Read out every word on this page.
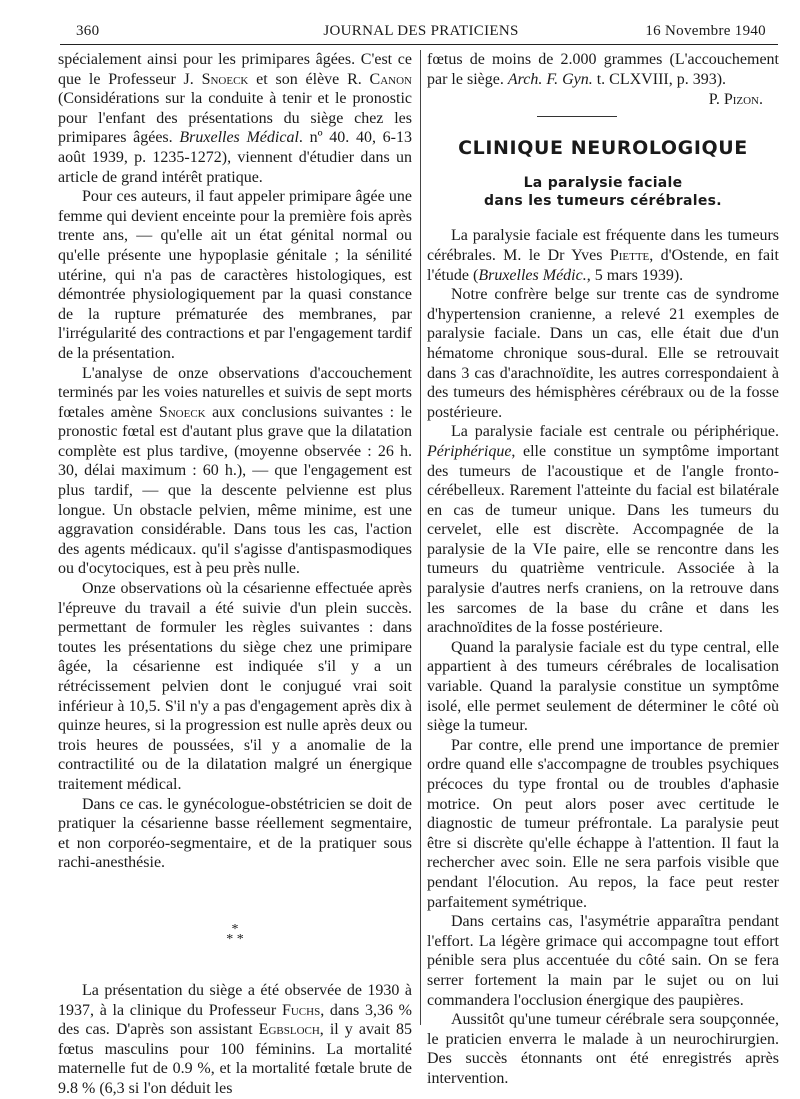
360	JOURNAL DES PRATICIENS	16 Novembre 1940

spécialement ainsi pour les primipares âgées. C'est ce que le Professeur J. Snoeck et son élève R. Canon (Considérations sur la conduite à tenir et le pronostic pour l'enfant des présentations du siège chez les primipares âgées. Bruxelles Médical. nº 40. 40, 6-13 août 1939, p. 1235-1272), viennent d'étudier dans un article de grand intérêt pratique.

Pour ces auteurs, il faut appeler primipare âgée une femme qui devient enceinte pour la première fois après trente ans, — qu'elle ait un état génital normal ou qu'elle présente une hypoplasie génitale ; la sénilité utérine, qui n'a pas de caractères histologiques, est démontrée physiologiquement par la quasi constance de la rupture prématurée des membranes, par l'irrégularité des contractions et par l'engagement tardif de la présentation.

L'analyse de onze observations d'accouchement terminés par les voies naturelles et suivis de sept morts fœtales amène Snoeck aux conclusions suivantes : le pronostic fœtal est d'autant plus grave que la dilatation complète est plus tardive, (moyenne observée : 26 h. 30, délai maximum : 60 h.), — que l'engagement est plus tardif, — que la descente pelvienne est plus longue. Un obstacle pelvien, même minime, est une aggravation considérable. Dans tous les cas, l'action des agents médicaux. qu'il s'agisse d'antispasmodiques ou d'ocytociques, est à peu près nulle.

Onze observations où la césarienne effectuée après l'épreuve du travail a été suivie d'un plein succès. permettant de formuler les règles suivantes : dans toutes les présentations du siège chez une primipare âgée, la césarienne est indiquée s'il y a un rétrécissement pelvien dont le conjugué vrai soit inférieur à 10,5. S'il n'y a pas d'engagement après dix à quinze heures, si la progression est nulle après deux ou trois heures de poussées, s'il y a anomalie de la contractilité ou de la dilatation malgré un énergique traitement médical.

Dans ce cas. le gynécologue-obstétricien se doit de pratiquer la césarienne basse réellement segmentaire, et non corporéo-segmentaire, et de la pratiquer sous rachi-anesthésie.

*
* *

La présentation du siège a été observée de 1930 à 1937, à la clinique du Professeur Fuchs, dans 3,36 % des cas. D'après son assistant Egbsloch, il y avait 85 fœtus masculins pour 100 féminins. La mortalité maternelle fut de 0.9 %, et la mortalité fœtale brute de 9.8 % (6,3 si l'on déduit les

fœtus de moins de 2.000 grammes (L'accouchement par le siège. Arch. F. Gyn. t. CLXVIII, p. 393).

P. Pizon.

CLINIQUE NEUROLOGIQUE
La paralysie faciale
dans les tumeurs cérébrales.

La paralysie faciale est fréquente dans les tumeurs cérébrales. M. le Dr Yves Piette, d'Ostende, en fait l'étude (Bruxelles Médic., 5 mars 1939).

Notre confrère belge sur trente cas de syndrome d'hypertension cranienne, a relevé 21 exemples de paralysie faciale. Dans un cas, elle était due d'un hématome chronique sous-dural. Elle se retrouvait dans 3 cas d'arachnoïdite, les autres correspondaient à des tumeurs des hémisphères cérébraux ou de la fosse postérieure.

La paralysie faciale est centrale ou périphérique. Périphérique, elle constitue un symptôme important des tumeurs de l'acoustique et de l'angle fronto-cérébelleux. Rarement l'atteinte du facial est bilatérale en cas de tumeur unique. Dans les tumeurs du cervelet, elle est discrète. Accompagnée de la paralysie de la VIe paire, elle se rencontre dans les tumeurs du quatrième ventricule. Associée à la paralysie d'autres nerfs craniens, on la retrouve dans les sarcomes de la base du crâne et dans les arachnoïdites de la fosse postérieure.

Quand la paralysie faciale est du type central, elle appartient à des tumeurs cérébrales de localisation variable. Quand la paralysie constitue un symptôme isolé, elle permet seulement de déterminer le côté où siège la tumeur.

Par contre, elle prend une importance de premier ordre quand elle s'accompagne de troubles psychiques précoces du type frontal ou de troubles d'aphasie motrice. On peut alors poser avec certitude le diagnostic de tumeur préfrontale. La paralysie peut être si discrète qu'elle échappe à l'attention. Il faut la rechercher avec soin. Elle ne sera parfois visible que pendant l'élocution. Au repos, la face peut rester parfaitement symétrique.

Dans certains cas, l'asymétrie apparaîtra pendant l'effort. La légère grimace qui accompagne tout effort pénible sera plus accentuée du côté sain. On se fera serrer fortement la main par le sujet ou on lui commandera l'occlusion énergique des paupières.

Aussitôt qu'une tumeur cérébrale sera soupçonnée, le praticien enverra le malade à un neurochirurgien. Des succès étonnants ont été enregistrés après intervention.
